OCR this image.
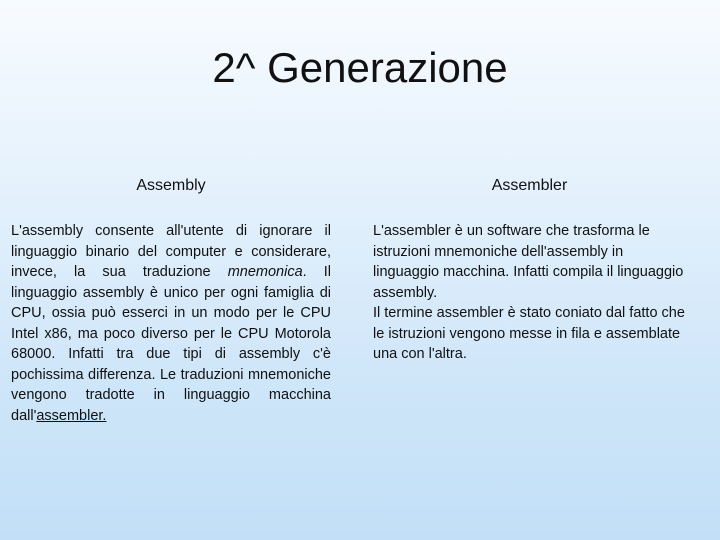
2^ Generazione
Assembly

L'assembly consente all'utente di ignorare il linguaggio binario del computer e considerare, invece, la sua traduzione mnemonica. Il linguaggio assembly è unico per ogni famiglia di CPU, ossia può esserci in un modo per le CPU Intel x86, ma poco diverso per le CPU Motorola 68000. Infatti tra due tipi di assembly c'è pochissima differenza. Le traduzioni mnemoniche vengono tradotte in linguaggio macchina dall'assembler.

Assembler

L'assembler è un software che trasforma le istruzioni mnemoniche dell'assembly in linguaggio macchina. Infatti compila il linguaggio assembly.

Il termine assembler è stato coniato dal fatto che le istruzioni vengono messe in fila e assemblate una con l'altra.
